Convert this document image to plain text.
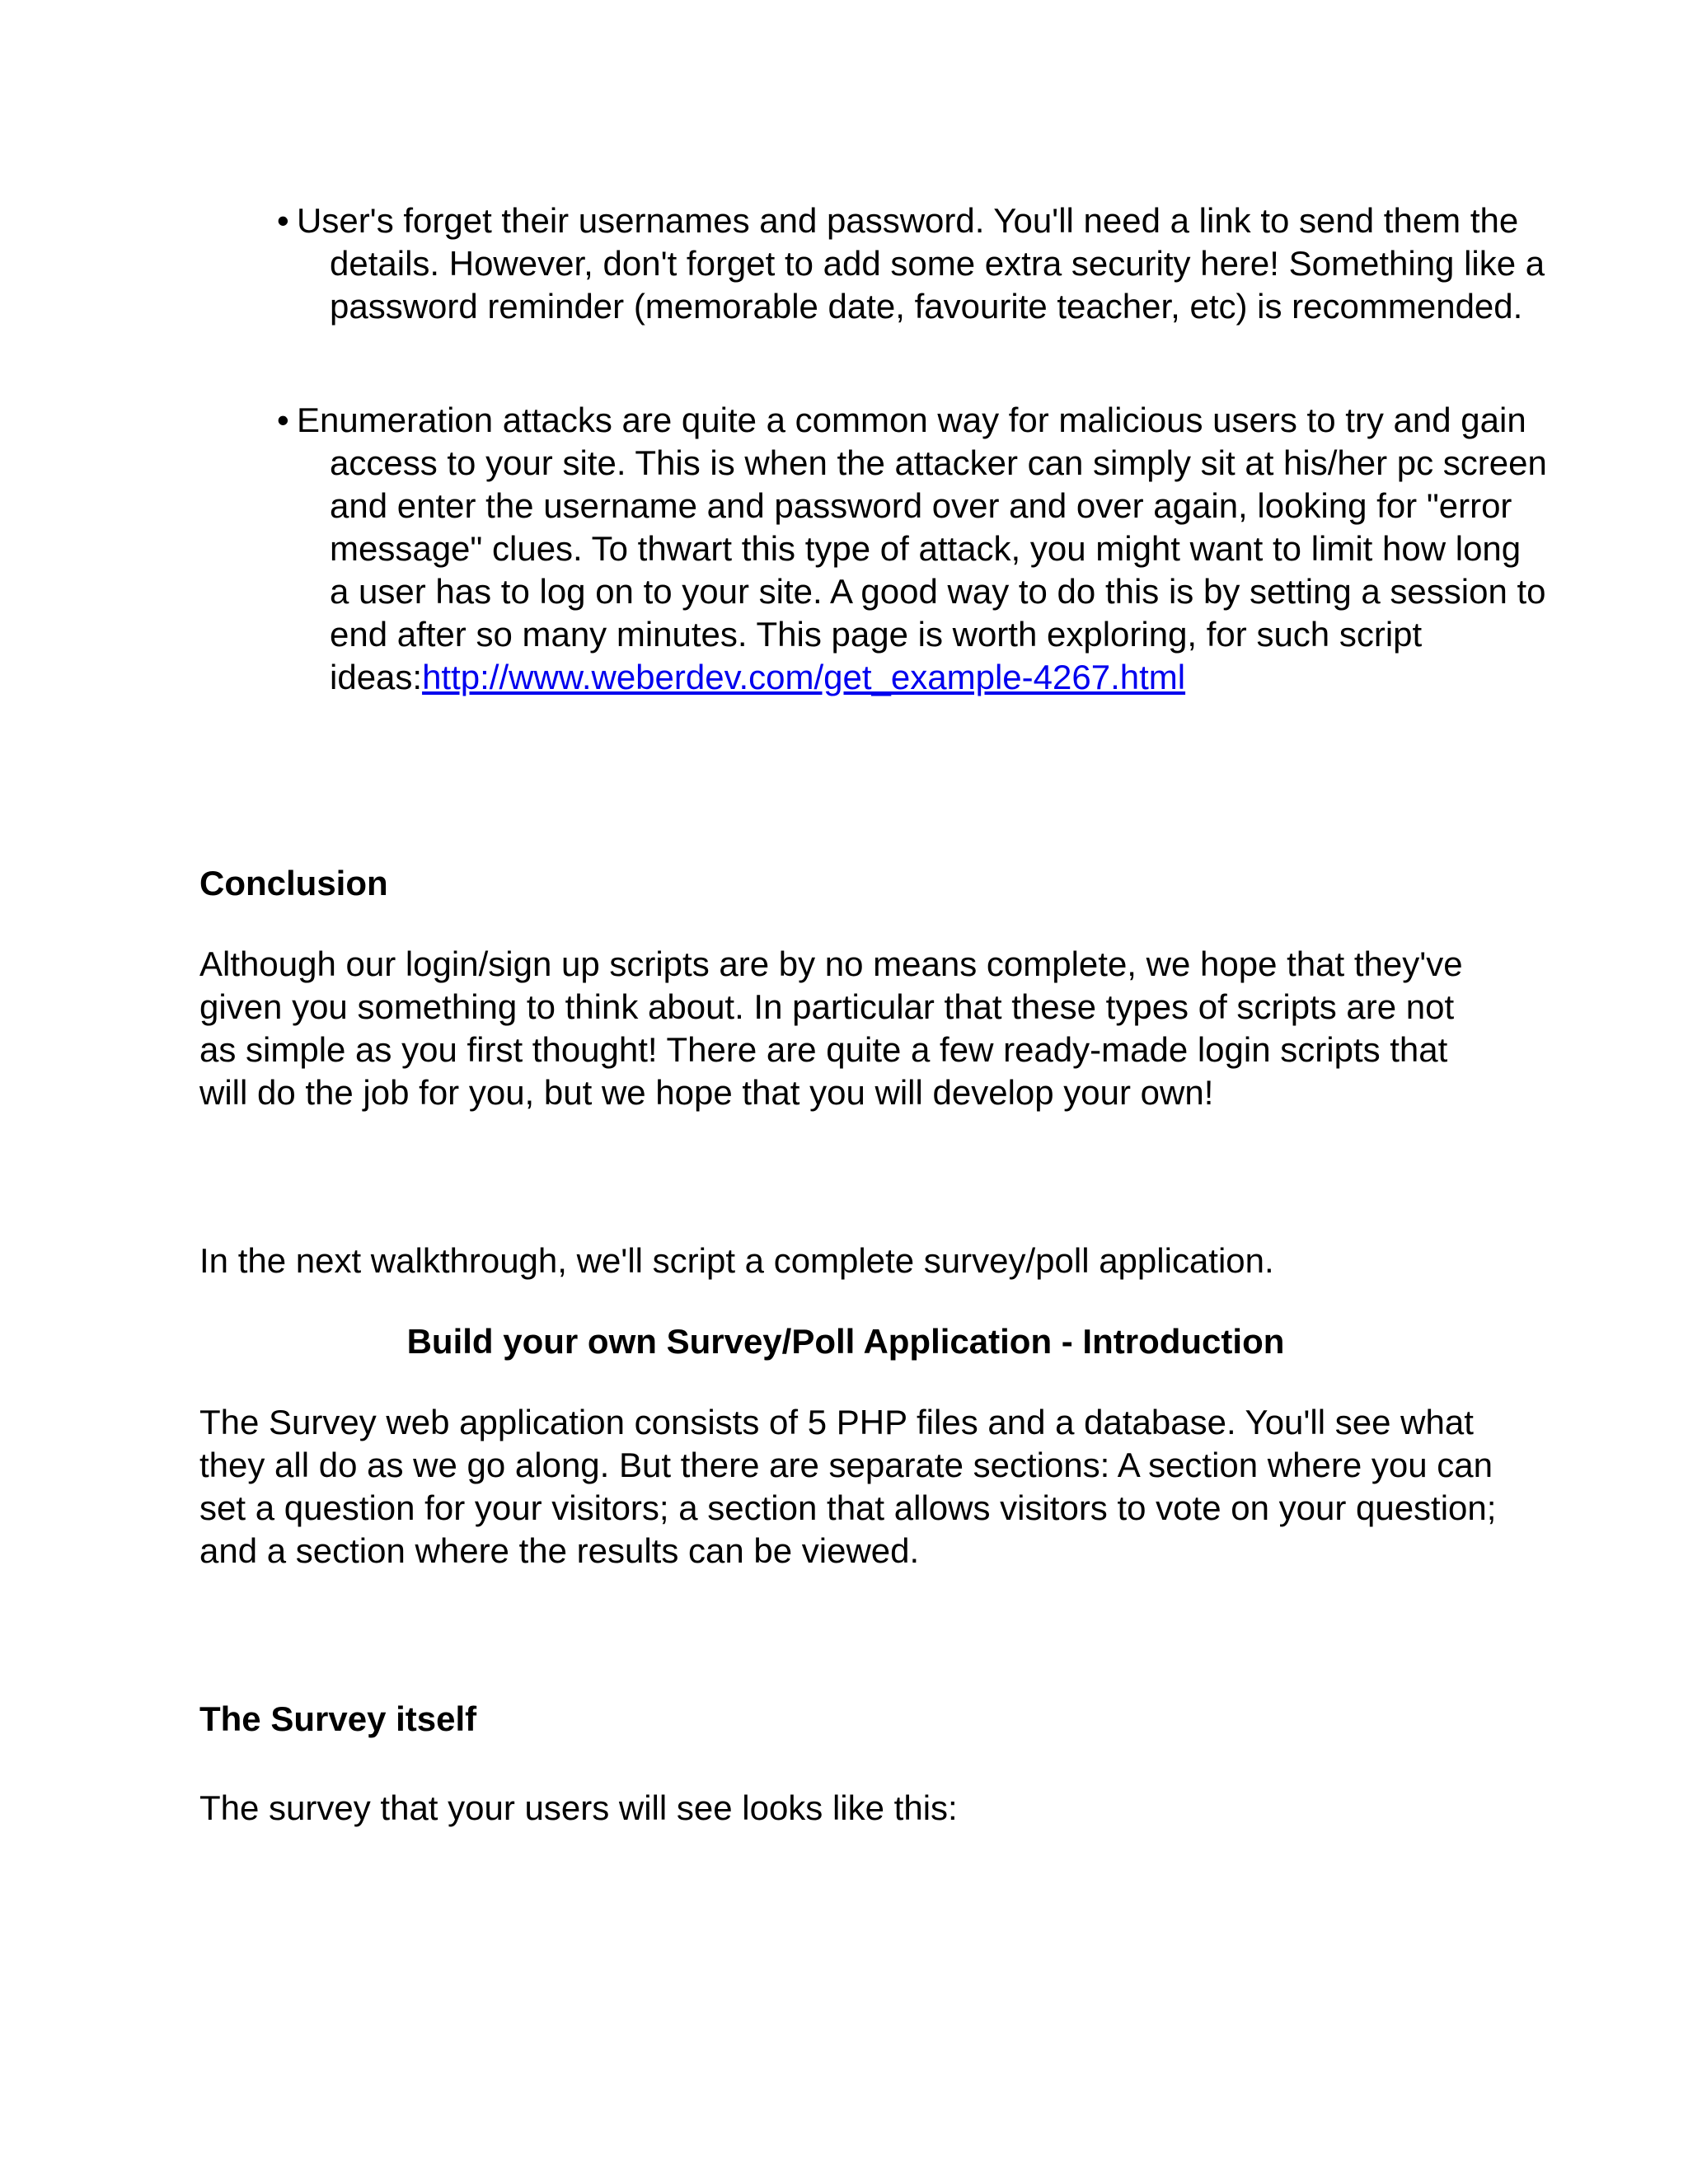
• User's forget their usernames and password. You'll need a link to send them the details. However, don't forget to add some extra security here! Something like a password reminder (memorable date, favourite teacher, etc) is recommended.

• Enumeration attacks are quite a common way for malicious users to try and gain access to your site. This is when the attacker can simply sit at his/her pc screen and enter the username and password over and over again, looking for "error message" clues. To thwart this type of attack, you might want to limit how long a user has to log on to your site. A good way to do this is by setting a session to end after so many minutes. This page is worth exploring, for such script ideas:http://www.weberdev.com/get_example-4267.html

Conclusion

Although our login/sign up scripts are by no means complete, we hope that they've given you something to think about. In particular that these types of scripts are not as simple as you first thought! There are quite a few ready-made login scripts that will do the job for you, but we hope that you will develop your own!

In the next walkthrough, we'll script a complete survey/poll application.

Build your own Survey/Poll Application - Introduction

The Survey web application consists of 5 PHP files and a database. You'll see what they all do as we go along. But there are separate sections: A section where you can set a question for your visitors; a section that allows visitors to vote on your question; and a section where the results can be viewed.

The Survey itself

The survey that your users will see looks like this:
